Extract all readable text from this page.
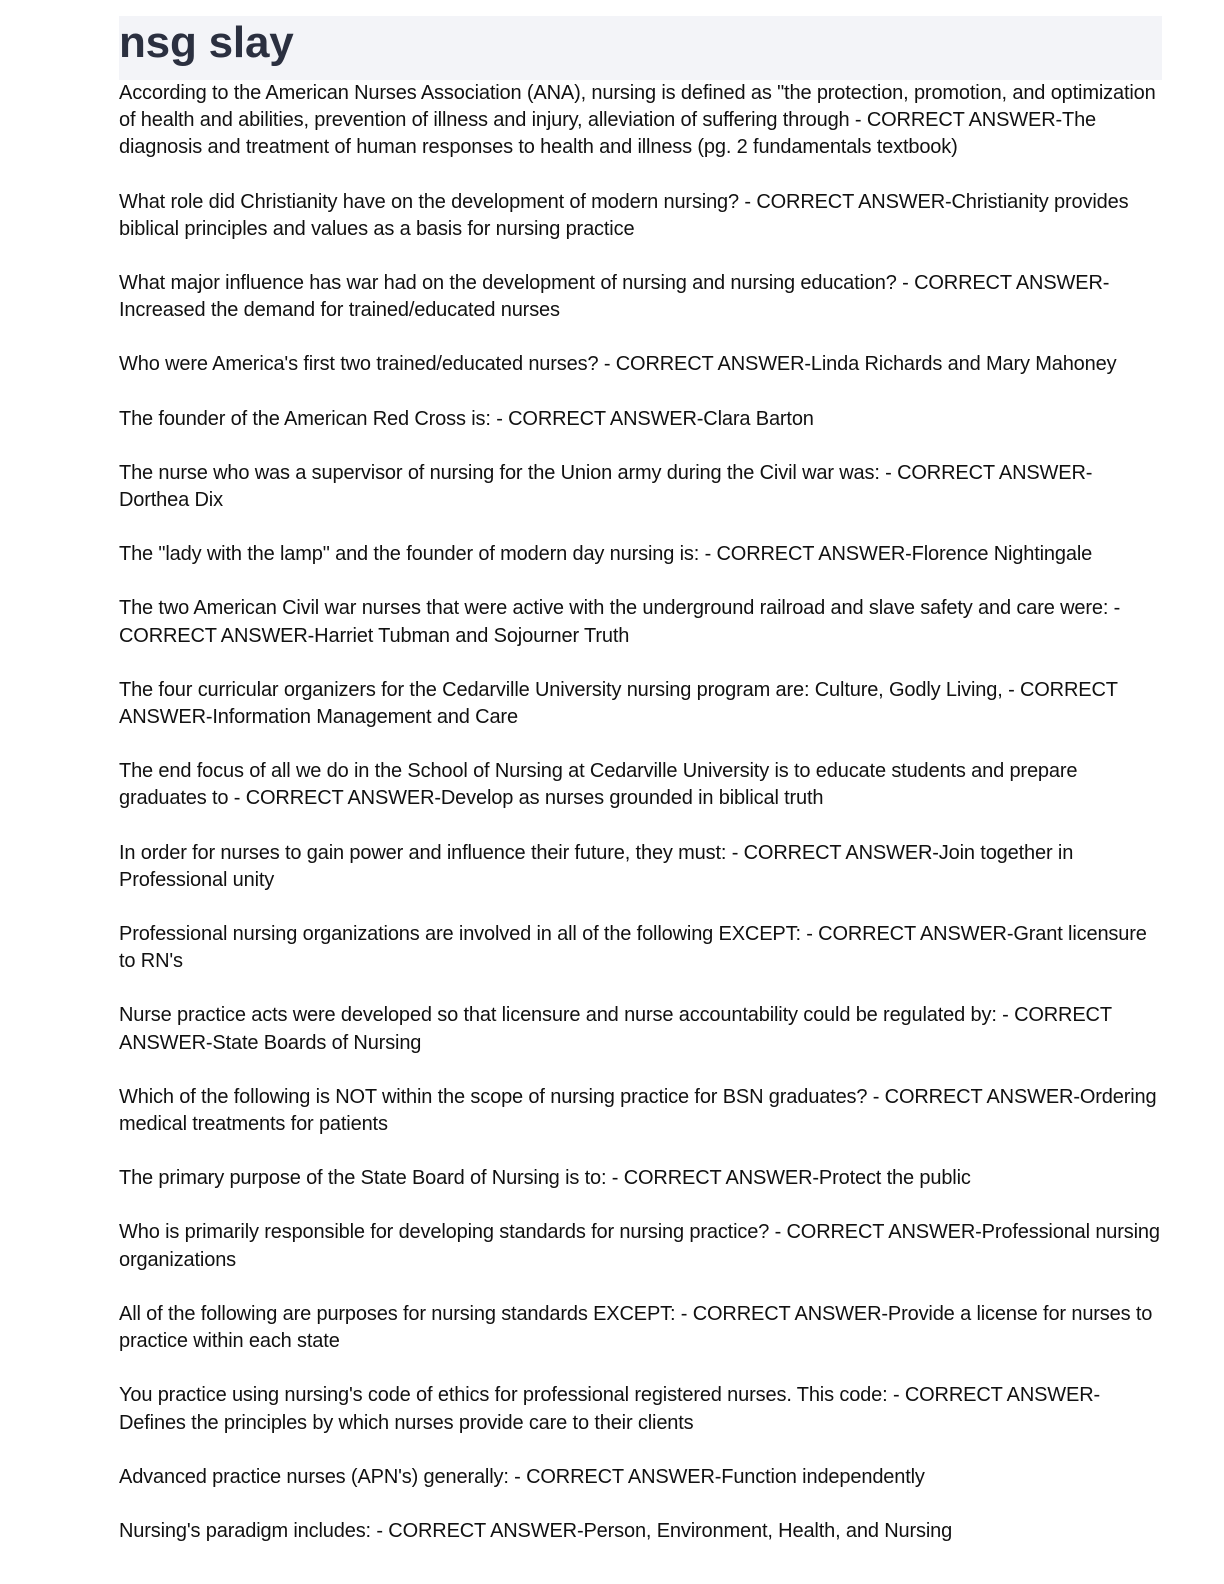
nsg slay

According to the American Nurses Association (ANA), nursing is defined as "the protection, promotion, and optimization of health and abilities, prevention of illness and injury, alleviation of suffering through - CORRECT ANSWER-The diagnosis and treatment of human responses to health and illness (pg. 2 fundamentals textbook)

What role did Christianity have on the development of modern nursing? - CORRECT ANSWER-Christianity provides biblical principles and values as a basis for nursing practice

What major influence has war had on the development of nursing and nursing education? - CORRECT ANSWER-Increased the demand for trained/educated nurses

Who were America's first two trained/educated nurses? - CORRECT ANSWER-Linda Richards and Mary Mahoney

The founder of the American Red Cross is: - CORRECT ANSWER-Clara Barton

The nurse who was a supervisor of nursing for the Union army during the Civil war was: - CORRECT ANSWER-Dorthea Dix

The "lady with the lamp" and the founder of modern day nursing is: - CORRECT ANSWER-Florence Nightingale

The two American Civil war nurses that were active with the underground railroad and slave safety and care were: - CORRECT ANSWER-Harriet Tubman and Sojourner Truth

The four curricular organizers for the Cedarville University nursing program are: Culture, Godly Living, - CORRECT ANSWER-Information Management and Care

The end focus of all we do in the School of Nursing at Cedarville University is to educate students and prepare graduates to - CORRECT ANSWER-Develop as nurses grounded in biblical truth

In order for nurses to gain power and influence their future, they must: - CORRECT ANSWER-Join together in Professional unity

Professional nursing organizations are involved in all of the following EXCEPT: - CORRECT ANSWER-Grant licensure to RN's

Nurse practice acts were developed so that licensure and nurse accountability could be regulated by: - CORRECT ANSWER-State Boards of Nursing

Which of the following is NOT within the scope of nursing practice for BSN graduates? - CORRECT ANSWER-Ordering medical treatments for patients

The primary purpose of the State Board of Nursing is to: - CORRECT ANSWER-Protect the public

Who is primarily responsible for developing standards for nursing practice? - CORRECT ANSWER-Professional nursing organizations

All of the following are purposes for nursing standards EXCEPT: - CORRECT ANSWER-Provide a license for nurses to practice within each state

You practice using nursing's code of ethics for professional registered nurses. This code: - CORRECT ANSWER-Defines the principles by which nurses provide care to their clients

Advanced practice nurses (APN's) generally: - CORRECT ANSWER-Function independently

Nursing's paradigm includes: - CORRECT ANSWER-Person, Environment, Health, and Nursing
